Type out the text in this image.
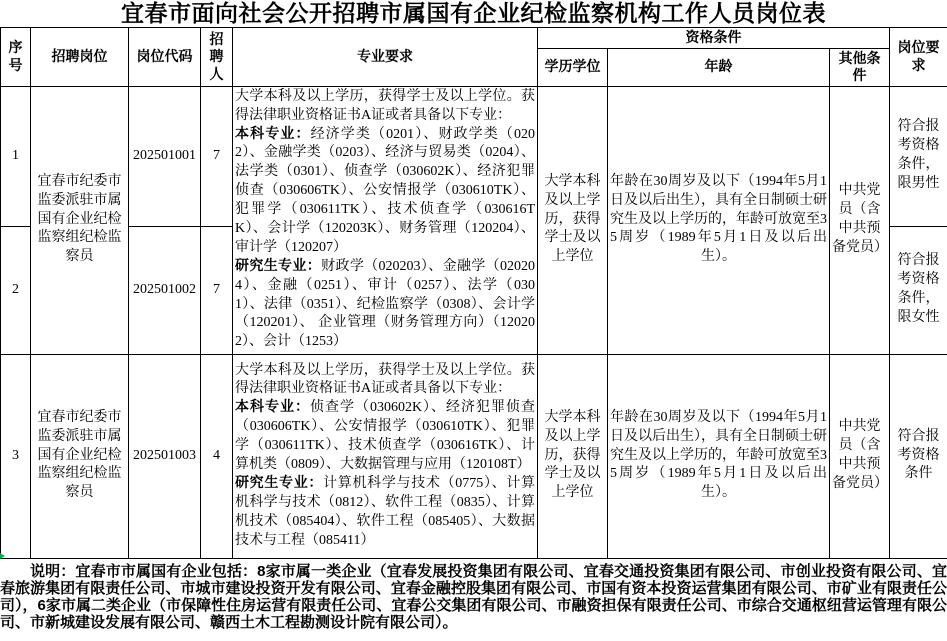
宜春市面向社会公开招聘市属国有企业纪检监察机构工作人员岗位表
序号	招聘岗位	岗位代码	招聘人	专业要求	资格条件			岗位要求
					学历学位	年龄	其他条件	
1	宜春市纪委市监委派驻市属国有企业纪检监察组纪检监察员	202501001	7	大学本科及以上学历，获得学士及以上学位。获得法律职业资格证书A证或者具备以下专业：
本科专业：经济学类（0201）、财政学类（0202）、金融学类（0203）、经济与贸易类（0204）、法学类（0301）、侦查学（030602K）、经济犯罪侦查（030606TK）、公安情报学（030610TK）、犯罪学（030611TK）、技术侦查学（030616TK）、会计学（120203K）、财务管理（120204）、审计学（120207）
研究生专业：财政学（020203）、金融学（020204）、金融（0251）、审计（0257）、法学（0301）、法律（0351）、纪检监察学（0308）、会计学（120201）、 企业管理（财务管理方向）（120202）、会计（1253）	大学本科及以上学历，获得学士及以上学位	年龄在30周岁及以下（1994年5月1日及以后出生），具有全日制硕士研究生及以上学历的，年龄可放宽至35周岁（1989年5月1日及以后出生）。	中共党员（含中共预备党员）	符合报考资格条件，限男性
2		202501002	7					符合报考资格条件，限女性
3	宜春市纪委市监委派驻市属国有企业纪检监察组纪检监察员	202501003	4	大学本科及以上学历，获得学士及以上学位。获得法律职业资格证书A证或者具备以下专业：
本科专业：侦查学（030602K）、经济犯罪侦查（030606TK）、公安情报学（030610TK）、犯罪学（030611TK）、技术侦查学（030616TK）、计算机类（0809）、大数据管理与应用（120108T）
研究生专业：计算机科学与技术（0775）、计算机科学与技术（0812）、软件工程（0835）、计算机技术（085404）、软件工程（085405）、大数据技术与工程（085411）	大学本科及以上学历，获得学士及以上学位	年龄在30周岁及以下（1994年5月1日及以后出生），具有全日制硕士研究生及以上学历的，年龄可放宽至35周岁（1989年5月1日及以后出生）。	中共党员（含中共预备党员）	符合报考资格条件

说明：宜春市市属国有企业包括：8家市属一类企业（宜春发展投资集团有限公司、宜春交通投资集团有限公司、市创业投资有限公司、宜春旅游集团有限责任公司、市城市建设投资开发有限公司、宜春金融控股集团有限公司、市国有资本投资运营集团有限公司、市矿业有限责任公司），6家市属二类企业（市保障性住房运营有限责任公司、宜春公交集团有限公司、市融资担保有限责任公司、市综合交通枢纽营运管理有限公司、市新城建设发展有限公司、赣西土木工程勘测设计院有限公司）。
